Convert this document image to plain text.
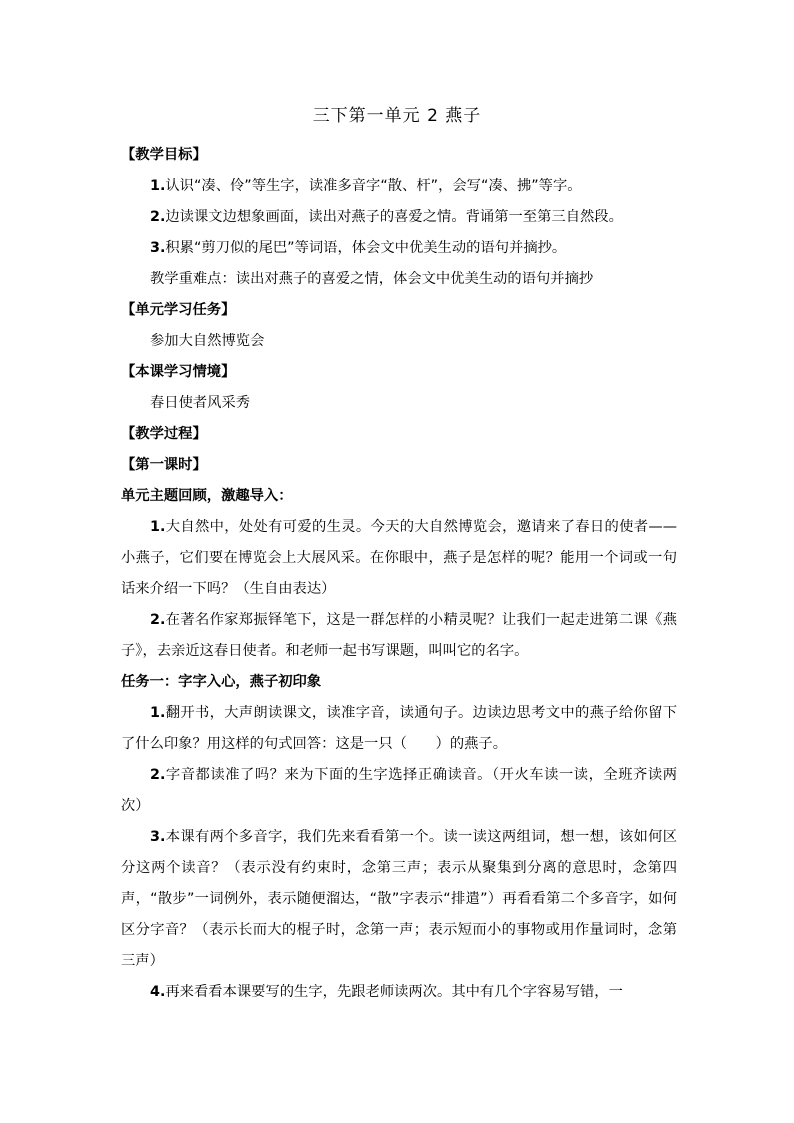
三下第一单元 2 燕子
【教学目标】
1.认识“凑、伶”等生字，读准多音字“散、杆”，会写“凑、拂”等字。
2.边读课文边想象画面，读出对燕子的喜爱之情。背诵第一至第三自然段。
3.积累“剪刀似的尾巴”等词语，体会文中优美生动的语句并摘抄。
教学重难点：读出对燕子的喜爱之情，体会文中优美生动的语句并摘抄
【单元学习任务】
参加大自然博览会
【本课学习情境】
春日使者风采秀
【教学过程】
【第一课时】
单元主题回顾，激趣导入：
1.大自然中，处处有可爱的生灵。今天的大自然博览会，邀请来了春日的使者——小燕子，它们要在博览会上大展风采。在你眼中，燕子是怎样的呢？能用一个词或一句话来介绍一下吗？（生自由表达）
2.在著名作家郑振铎笔下，这是一群怎样的小精灵呢？让我们一起走进第二课《燕子》，去亲近这春日使者。和老师一起书写课题，叫叫它的名字。
任务一：字字入心，燕子初印象
1.翻开书，大声朗读课文，读准字音，读通句子。边读边思考文中的燕子给你留下了什么印象？用这样的句式回答：这是一只（　　）的燕子。
2.字音都读准了吗？来为下面的生字选择正确读音。（开火车读一读，全班齐读两次）
3.本课有两个多音字，我们先来看看第一个。读一读这两组词，想一想，该如何区分这两个读音？（表示没有约束时，念第三声；表示从聚集到分离的意思时，念第四声，“散步”一词例外，表示随便溜达，“散”字表示“排遣”）再看看第二个多音字，如何区分字音？（表示长而大的棍子时，念第一声；表示短而小的事物或用作量词时，念第三声）
4.再来看看本课要写的生字，先跟老师读两次。其中有几个字容易写错，一
